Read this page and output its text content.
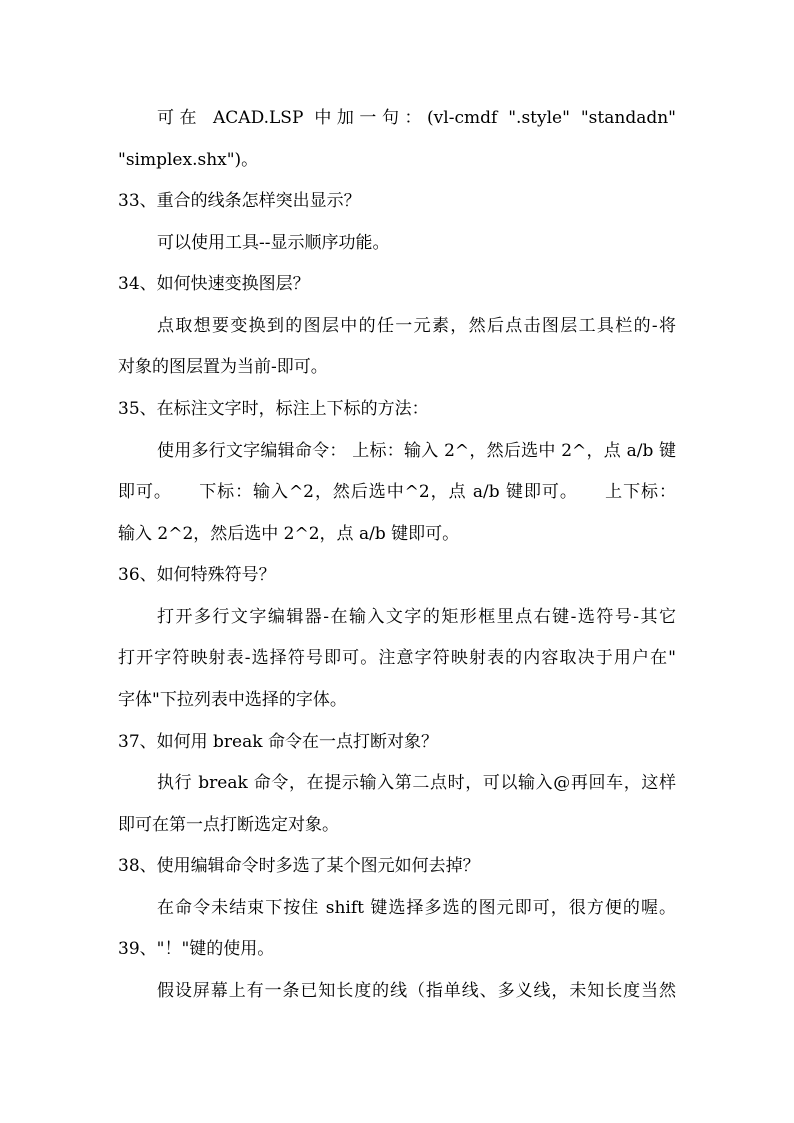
可在 ACAD.LSP 中加一句：(vl-cmdf ".style" "standadn"
"simplex.shx")。
33、重合的线条怎样突出显示？
可以使用工具--显示顺序功能。
34、如何快速变换图层？
点取想要变换到的图层中的任一元素，然后点击图层工具栏的-将
对象的图层置为当前-即可。
35、在标注文字时，标注上下标的方法：
使用多行文字编辑命令： 上标：输入 2^，然后选中 2^，点 a/b 键
即可。　　下标：输入^2，然后选中^2，点 a/b 键即可。　　上下标：
输入 2^2，然后选中 2^2，点 a/b 键即可。
36、如何特殊符号？
打开多行文字编辑器-在输入文字的矩形框里点右键-选符号-其它
打开字符映射表-选择符号即可。注意字符映射表的内容取决于用户在"
字体"下拉列表中选择的字体。
37、如何用 break 命令在一点打断对象？
执行 break 命令，在提示输入第二点时，可以输入@再回车，这样
即可在第一点打断选定对象。
38、使用编辑命令时多选了某个图元如何去掉？
在命令未结束下按住 shift 键选择多选的图元即可，很方便的喔。
39、"！"键的使用。
假设屏幕上有一条已知长度的线（指单线、多义线，未知长度当然
